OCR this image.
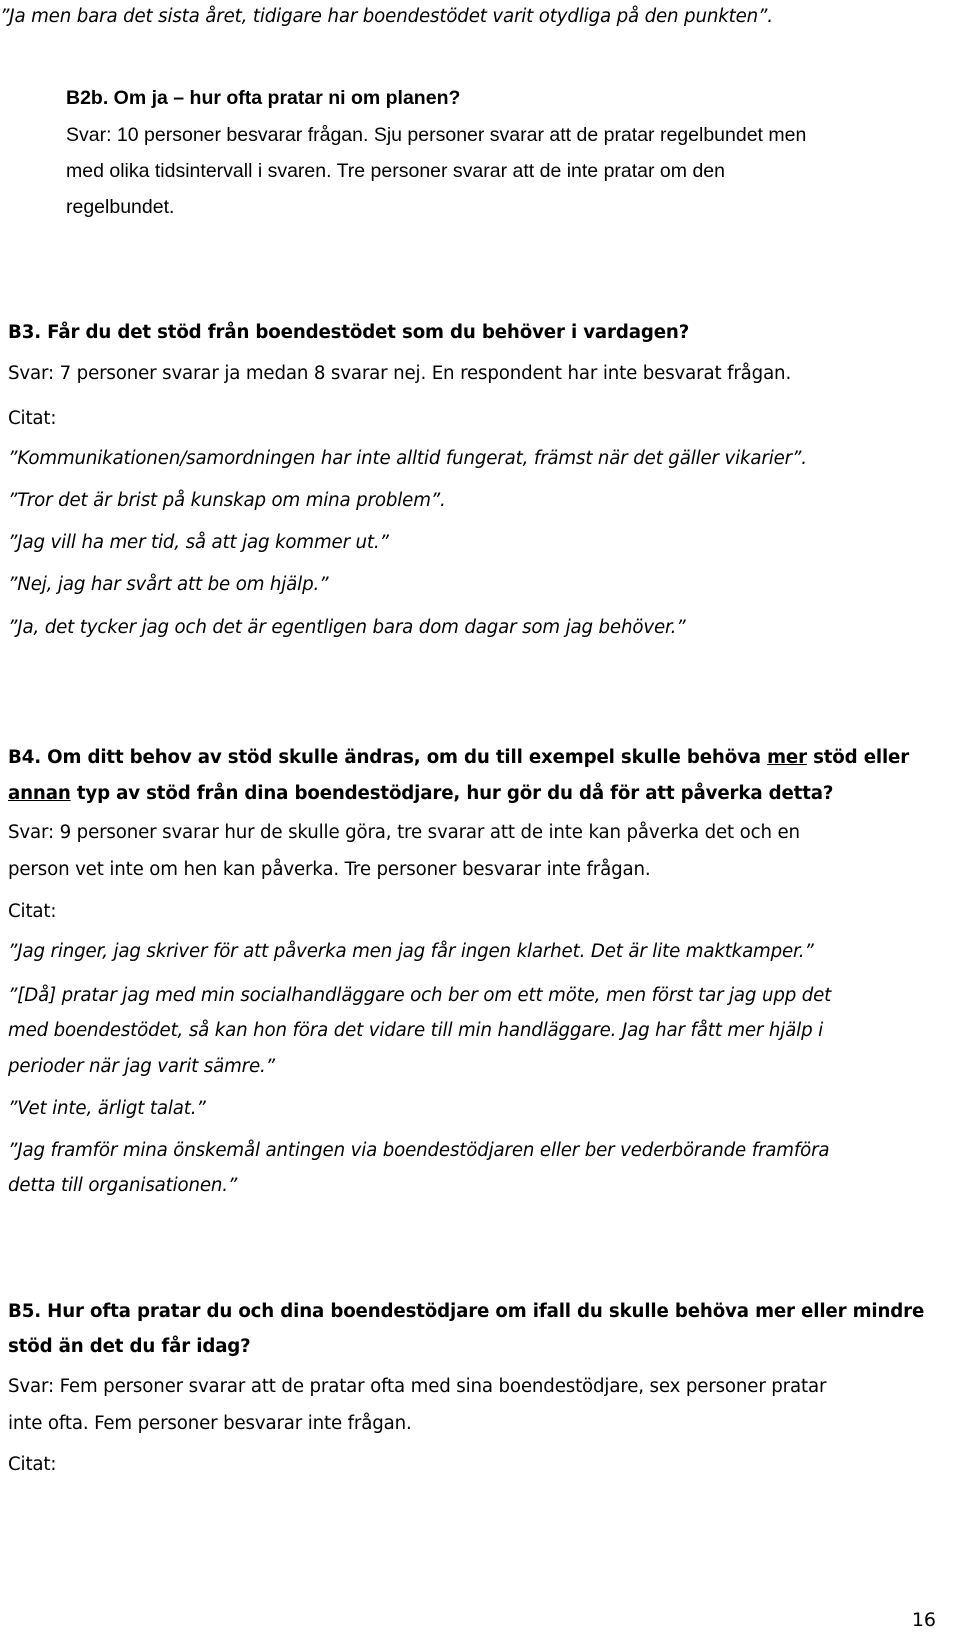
”Ja men bara det sista året, tidigare har boendestödet varit otydliga på den punkten”.
B2b. Om ja – hur ofta pratar ni om planen?
Svar: 10 personer besvarar frågan. Sju personer svarar att de pratar regelbundet men
med olika tidsintervall i svaren. Tre personer svarar att de inte pratar om den
regelbundet.
B3. Får du det stöd från boendestödet som du behöver i vardagen?
Svar: 7 personer svarar ja medan 8 svarar nej. En respondent har inte besvarat frågan.
Citat:
”Kommunikationen/samordningen har inte alltid fungerat, främst när det gäller vikarier”.
”Tror det är brist på kunskap om mina problem”.
”Jag vill ha mer tid, så att jag kommer ut.”
”Nej, jag har svårt att be om hjälp.”
”Ja, det tycker jag och det är egentligen bara dom dagar som jag behöver.”
B4. Om ditt behov av stöd skulle ändras, om du till exempel skulle behöva mer stöd eller
annan typ av stöd från dina boendestödjare, hur gör du då för att påverka detta?
Svar: 9 personer svarar hur de skulle göra, tre svarar att de inte kan påverka det och en
person vet inte om hen kan påverka. Tre personer besvarar inte frågan.
Citat:
”Jag ringer, jag skriver för att påverka men jag får ingen klarhet. Det är lite maktkamper.”
”[Då] pratar jag med min socialhandläggare och ber om ett möte, men först tar jag upp det
med boendestödet, så kan hon föra det vidare till min handläggare. Jag har fått mer hjälp i
perioder när jag varit sämre.”
”Vet inte, ärligt talat.”
”Jag framför mina önskemål antingen via boendestödjaren eller ber vederbörande framföra
detta till organisationen.”
B5. Hur ofta pratar du och dina boendestödjare om ifall du skulle behöva mer eller mindre
stöd än det du får idag?
Svar: Fem personer svarar att de pratar ofta med sina boendestödjare, sex personer pratar
inte ofta. Fem personer besvarar inte frågan.
Citat:
16
